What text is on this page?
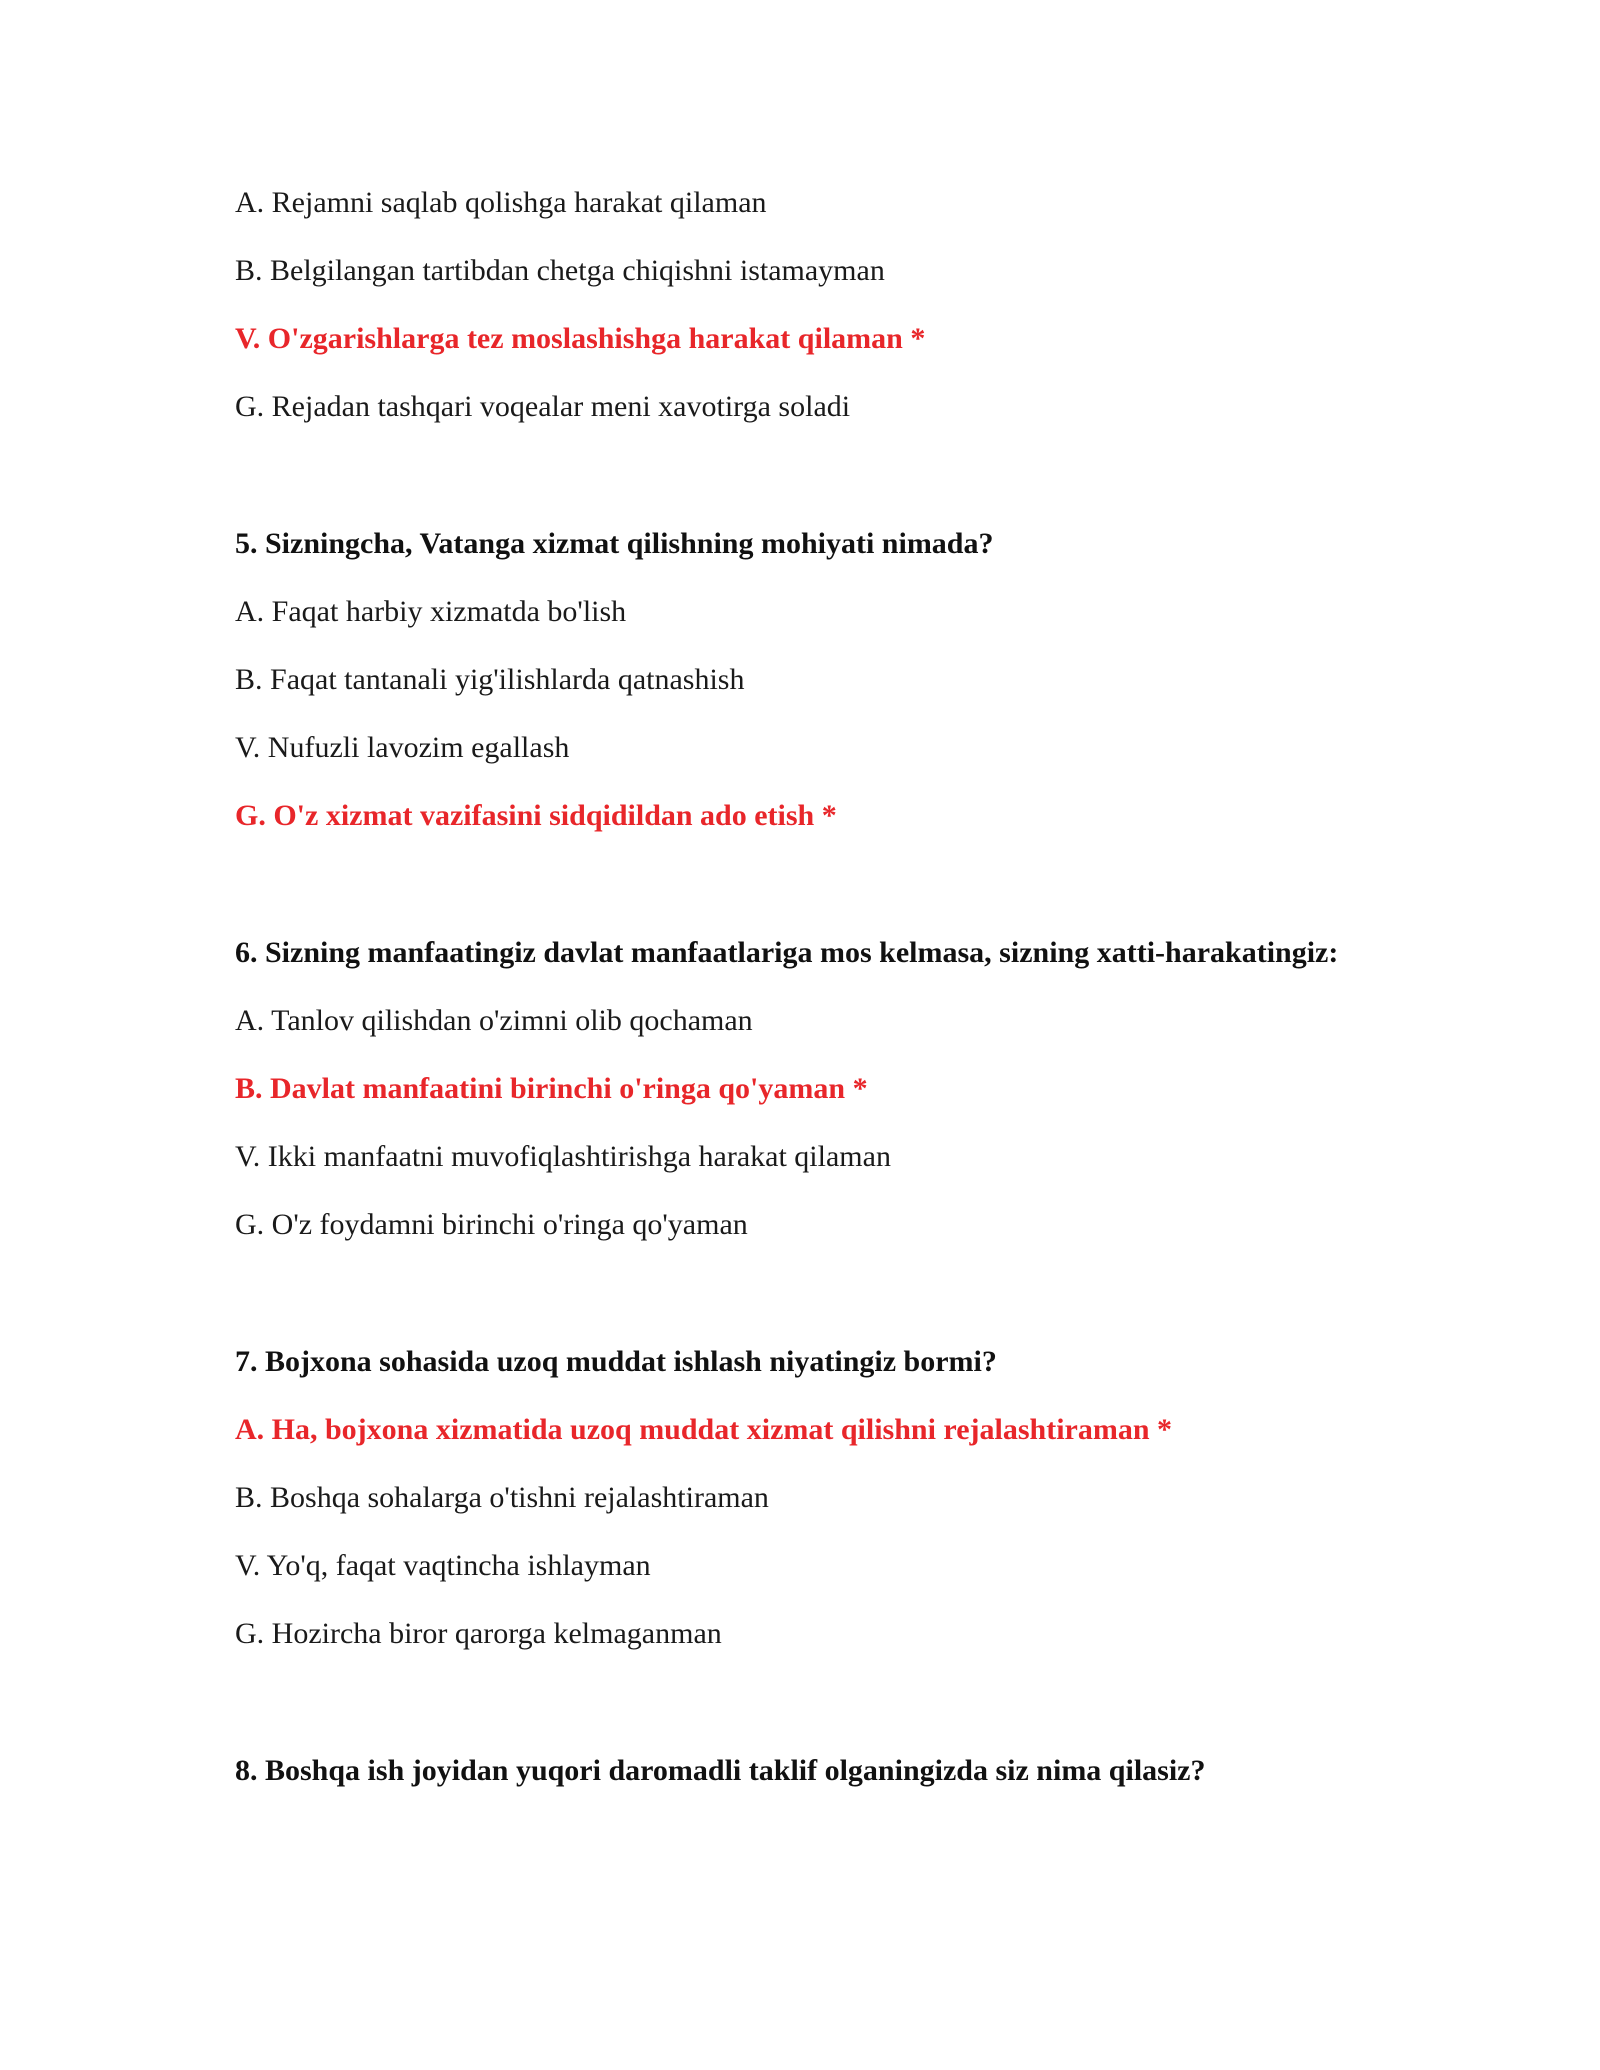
A. Rejamni saqlab qolishga harakat qilaman

B. Belgilangan tartibdan chetga chiqishni istamayman

V. O'zgarishlarga tez moslashishga harakat qilaman *

G. Rejadan tashqari voqealar meni xavotirga soladi

5. Sizningcha, Vatanga xizmat qilishning mohiyati nimada?

A. Faqat harbiy xizmatda bo'lish

B. Faqat tantanali yig'ilishlarda qatnashish

V. Nufuzli lavozim egallash

G. O'z xizmat vazifasini sidqidildan ado etish *

6. Sizning manfaatingiz davlat manfaatlariga mos kelmasa, sizning xatti-harakatingiz:

A. Tanlov qilishdan o'zimni olib qochaman

B. Davlat manfaatini birinchi o'ringa qo'yaman *

V. Ikki manfaatni muvofiqlashtirishga harakat qilaman

G. O'z foydamni birinchi o'ringa qo'yaman

7. Bojxona sohasida uzoq muddat ishlash niyatingiz bormi?

A. Ha, bojxona xizmatida uzoq muddat xizmat qilishni rejalashtiraman *

B. Boshqa sohalarga o'tishni rejalashtiraman

V. Yo'q, faqat vaqtincha ishlayman

G. Hozircha biror qarorga kelmaganman

8. Boshqa ish joyidan yuqori daromadli taklif olganingizda siz nima qilasiz?
